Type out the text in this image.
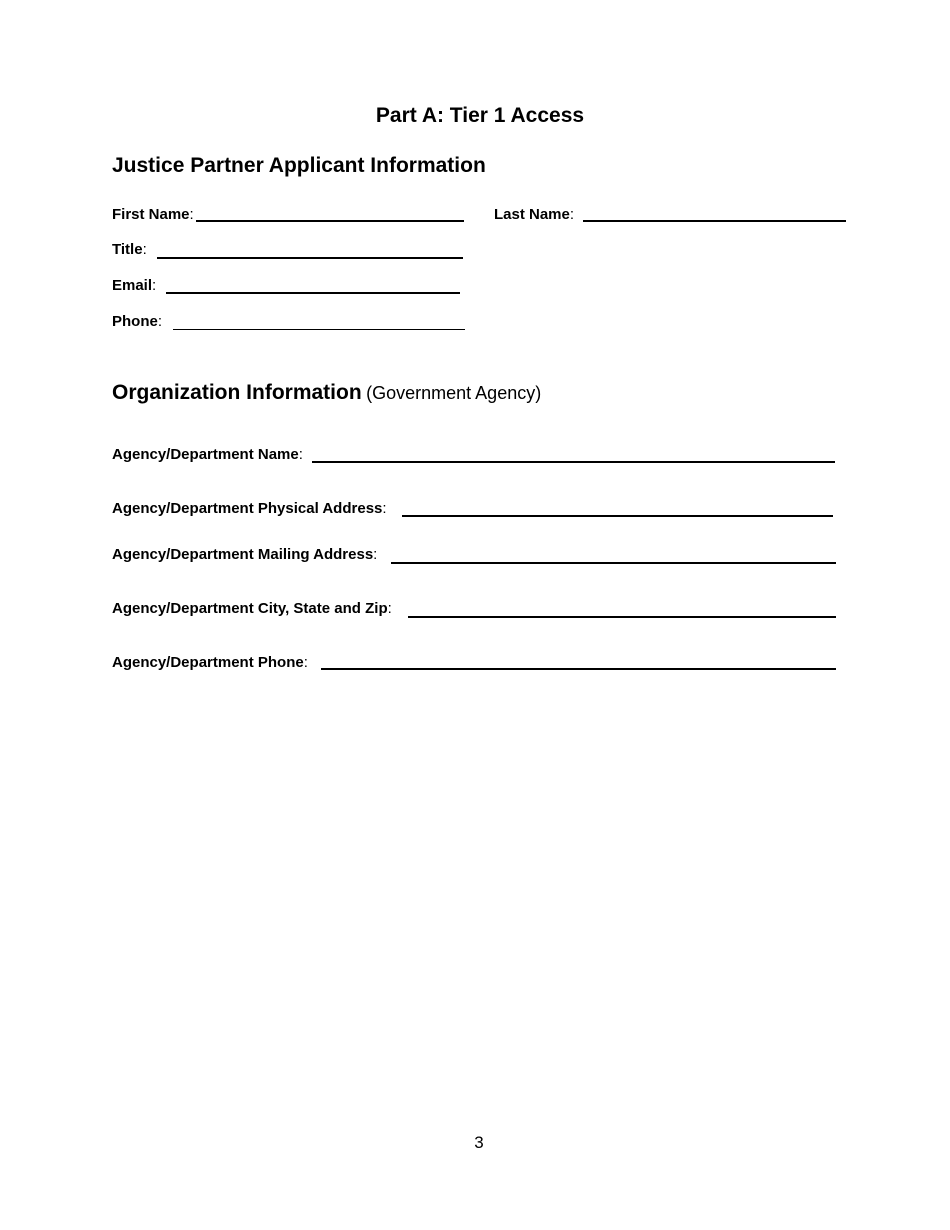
Part A: Tier 1 Access
Justice Partner Applicant Information
First Name:	Last Name:
Title:
Email:
Phone:
Organization Information (Government Agency)
Agency/Department Name:
Agency/Department Physical Address:
Agency/Department Mailing Address:
Agency/Department City, State and Zip:
Agency/Department Phone:
3
